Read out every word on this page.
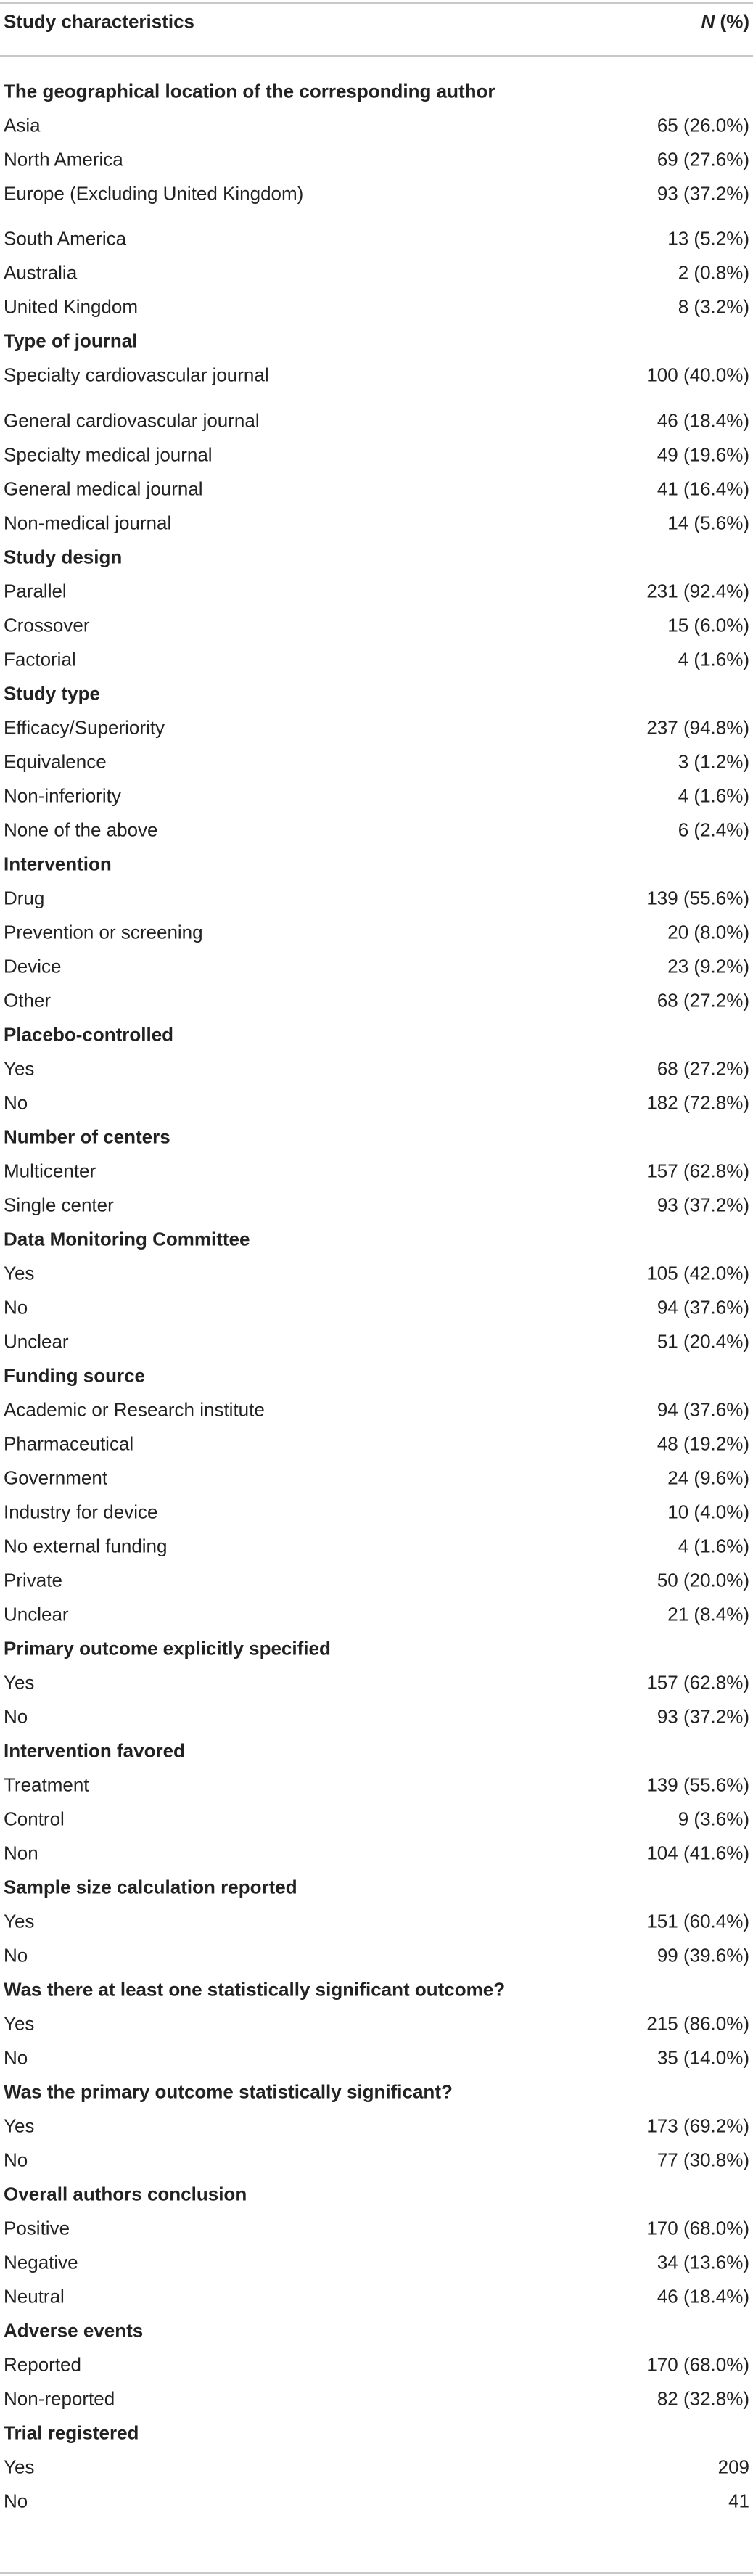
Study characteristics	N (%)
The geographical location of the corresponding author
Asia	65 (26.0%)
North America	69 (27.6%)
Europe (Excluding United Kingdom)	93 (37.2%)
South America	13 (5.2%)
Australia	2 (0.8%)
United Kingdom	8 (3.2%)
Type of journal
Specialty cardiovascular journal	100 (40.0%)
General cardiovascular journal	46 (18.4%)
Specialty medical journal	49 (19.6%)
General medical journal	41 (16.4%)
Non-medical journal	14 (5.6%)
Study design
Parallel	231 (92.4%)
Crossover	15 (6.0%)
Factorial	4 (1.6%)
Study type
Efficacy/Superiority	237 (94.8%)
Equivalence	3 (1.2%)
Non-inferiority	4 (1.6%)
None of the above	6 (2.4%)
Intervention
Drug	139 (55.6%)
Prevention or screening	20 (8.0%)
Device	23 (9.2%)
Other	68 (27.2%)
Placebo-controlled
Yes	68 (27.2%)
No	182 (72.8%)
Number of centers
Multicenter	157 (62.8%)
Single center	93 (37.2%)
Data Monitoring Committee
Yes	105 (42.0%)
No	94 (37.6%)
Unclear	51 (20.4%)
Funding source
Academic or Research institute	94 (37.6%)
Pharmaceutical	48 (19.2%)
Government	24 (9.6%)
Industry for device	10 (4.0%)
No external funding	4 (1.6%)
Private	50 (20.0%)
Unclear	21 (8.4%)
Primary outcome explicitly specified
Yes	157 (62.8%)
No	93 (37.2%)
Intervention favored
Treatment	139 (55.6%)
Control	9 (3.6%)
Non	104 (41.6%)
Sample size calculation reported
Yes	151 (60.4%)
No	99 (39.6%)
Was there at least one statistically significant outcome?
Yes	215 (86.0%)
No	35 (14.0%)
Was the primary outcome statistically significant?
Yes	173 (69.2%)
No	77 (30.8%)
Overall authors conclusion
Positive	170 (68.0%)
Negative	34 (13.6%)
Neutral	46 (18.4%)
Adverse events
Reported	170 (68.0%)
Non-reported	82 (32.8%)
Trial registered
Yes	209
No	41
